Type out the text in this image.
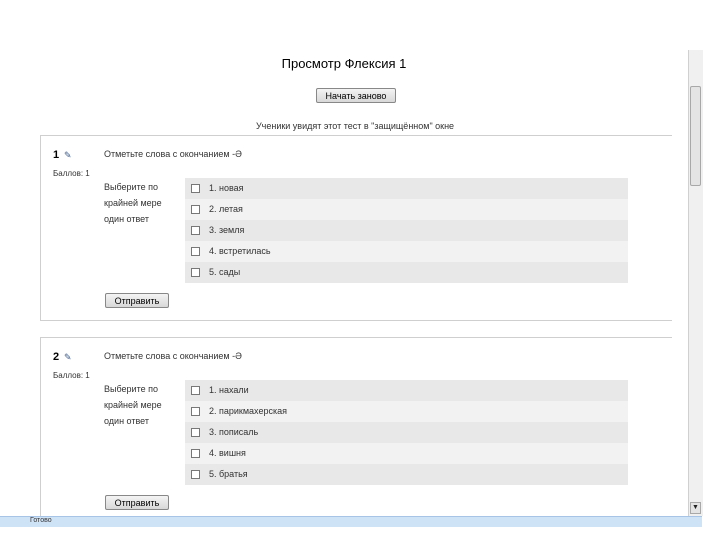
Просмотр Флексия 1
Начать заново
Ученики увидят этот тест в "защищённом" окне
1 ✎
Баллов: 1
Отметьте слова с окончанием -Ә
Выберите по крайней мере один ответ
1. новая
2. летая
3. земля
4. встретилась
5. сады
Отправить
2 ✎
Баллов: 1
Отметьте слова с окончанием -Ә
Выберите по крайней мере один ответ
1. нахали
2. парикмахерская
3. пописаль
4. вишня
5. братья
Отправить	▼
Готово
